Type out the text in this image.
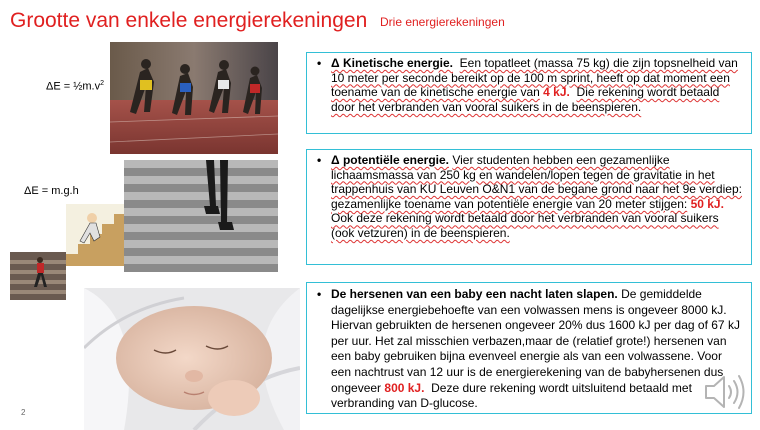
Grootte van enkele energierekeningen Drie energierekeningen
$\Delta E = \frac{1}{2}m.v^2$
ΔE = m.g.h
• Δ Kinetische energie. Een topatleet (massa 75 kg) die zijn topsnelheid van 10 meter per seconde bereikt op de 100 m sprint, heeft op dat moment een toename van de kinetische energie van 4 kJ. Die rekening wordt betaald door het verbranden van vooral suikers in de beenspieren.
• Δ potentiële energie. Vier studenten hebben een gezamenlijke lichaamsmassa van 250 kg en wandelen/lopen tegen de gravitatie in het trappenhuis van KU Leuven O&N1 van de begane grond naar het 9e verdiep: gezamenlijke toename van potentiële energie van 20 meter stijgen: 50 kJ. Ook deze rekening wordt betaald door het verbranden van vooral suikers (ook vetzuren) in de beenspieren.
• De hersenen van een baby een nacht laten slapen. De gemiddelde dagelijkse energiebehoefte van een volwassen mens is ongeveer 8000 kJ. Hiervan gebruikten de hersenen ongeveer 20% dus 1600 kJ per dag of 67 kJ per uur. Het zal misschien verbazen,maar de (relatief grote!) hersenen van een baby gebruiken bijna evenveel energie als van een volwassene. Voor een nachtrust van 12 uur is de energierekening van de babyhersenen dus ongeveer 800 kJ. Deze dure rekening wordt uitsluitend betaald met verbranding van D-glucose.
2
